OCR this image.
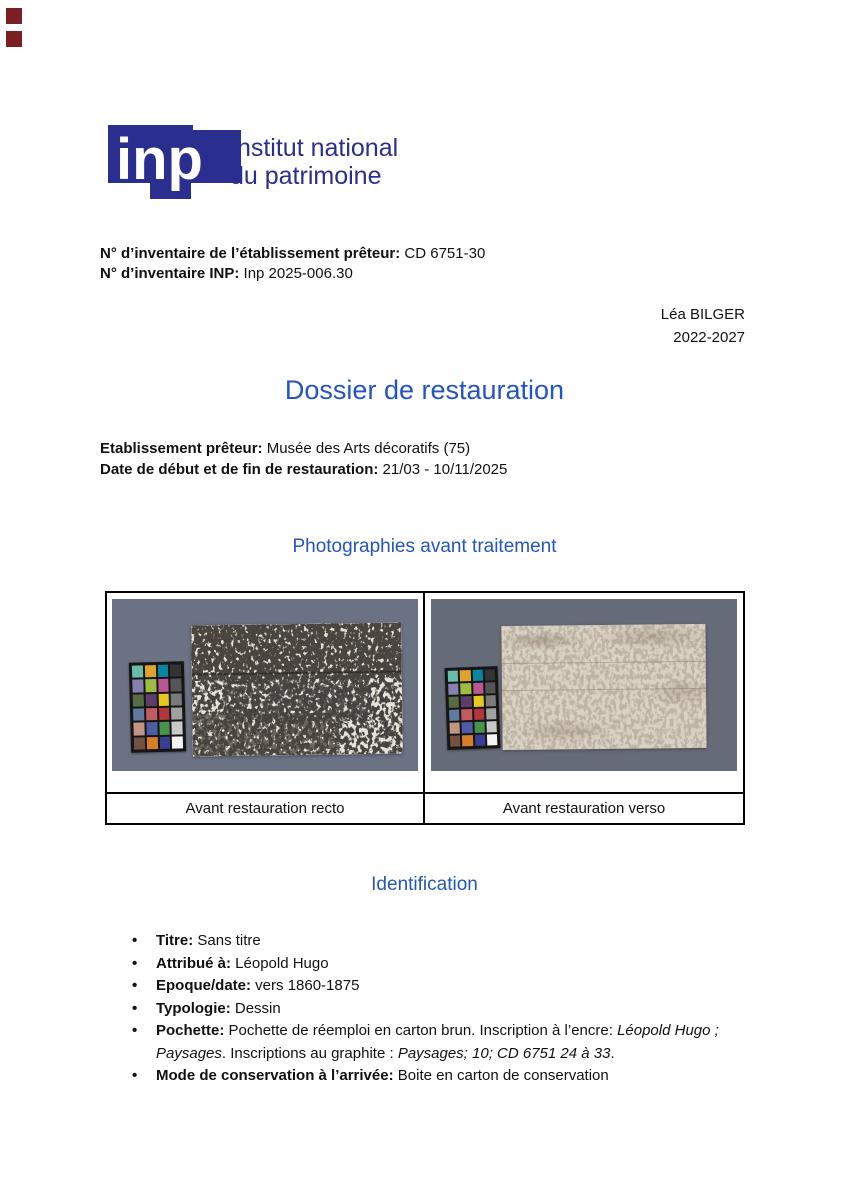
inp Institut national
du patrimoine
N° d’inventaire de l’établissement prêteur: CD 6751-30
N° d’inventaire INP: Inp 2025-006.30
Léa BILGER
2022-2027
Dossier de restauration
Etablissement prêteur: Musée des Arts décoratifs (75)
Date de début et de fin de restauration: 21/03 - 10/11/2025
Photographies avant traitement
Avant restauration recto	Avant restauration verso
Identification
• Titre: Sans titre
• Attribué à: Léopold Hugo
• Epoque/date: vers 1860-1875
• Typologie: Dessin
• Pochette: Pochette de réemploi en carton brun. Inscription à l’encre: Léopold Hugo ; Paysages. Inscriptions au graphite : Paysages; 10; CD 6751 24 à 33.
• Mode de conservation à l’arrivée: Boite en carton de conservation
